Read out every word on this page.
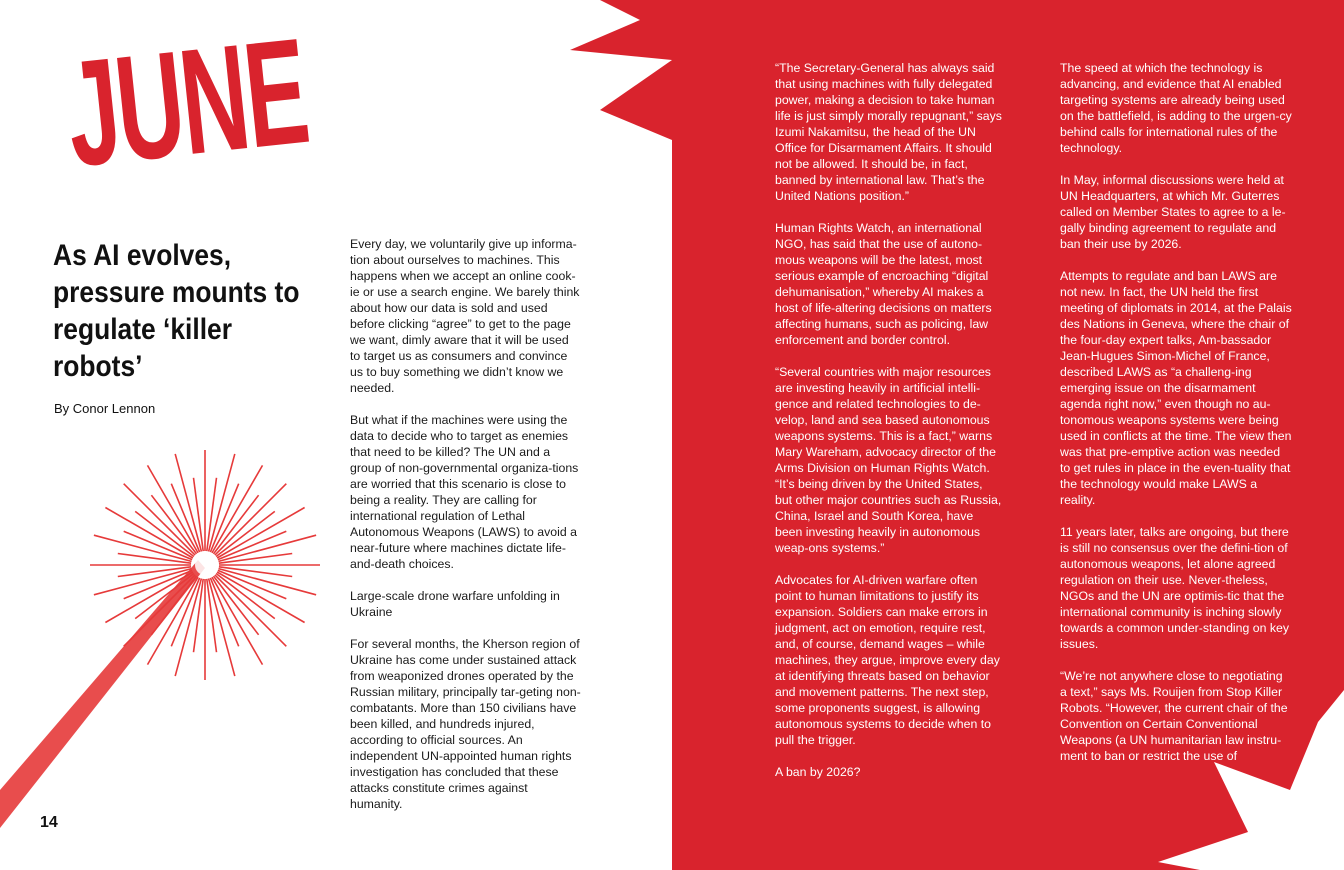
JUNE
As AI evolves, pressure mounts to regulate ‘killer robots’
By Conor Lennon

Every day, we voluntarily give up informa-tion about ourselves to machines. This happens when we accept an online cook-ie or use a search engine. We barely think about how our data is sold and used before clicking “agree” to get to the page we want, dimly aware that it will be used to target us as consumers and convince us to buy something we didn’t know we needed.

But what if the machines were using the data to decide who to target as enemies that need to be killed? The UN and a group of non-governmental organiza-tions are worried that this scenario is close to being a reality. They are calling for international regulation of Lethal Autonomous Weapons (LAWS) to avoid a near-future where machines dictate life-and-death choices.

Large-scale drone warfare unfolding in Ukraine

For several months, the Kherson region of Ukraine has come under sustained attack from weaponized drones operated by the Russian military, principally tar-geting non-combatants. More than 150 civilians have been killed, and hundreds injured, according to official sources. An independent UN-appointed human rights investigation has concluded that these attacks constitute crimes against humanity.

“The Secretary-General has always said that using machines with fully delegated power, making a decision to take human life is just simply morally repugnant,” says Izumi Nakamitsu, the head of the UN Office for Disarmament Affairs. It should not be allowed. It should be, in fact, banned by international law. That’s the United Nations position.”

Human Rights Watch, an international NGO, has said that the use of autono-mous weapons will be the latest, most serious example of encroaching “digital dehumanisation,” whereby AI makes a host of life-altering decisions on matters affecting humans, such as policing, law enforcement and border control.

“Several countries with major resources are investing heavily in artificial intelli-gence and related technologies to de-velop, land and sea based autonomous weapons systems. This is a fact,” warns Mary Wareham, advocacy director of the Arms Division on Human Rights Watch. “It’s being driven by the United States, but other major countries such as Russia, China, Israel and South Korea, have been investing heavily in autonomous weap-ons systems.”

Advocates for AI-driven warfare often point to human limitations to justify its expansion. Soldiers can make errors in judgment, act on emotion, require rest, and, of course, demand wages – while machines, they argue, improve every day at identifying threats based on behavior and movement patterns. The next step, some proponents suggest, is allowing autonomous systems to decide when to pull the trigger.

A ban by 2026?

The speed at which the technology is advancing, and evidence that AI enabled targeting systems are already being used on the battlefield, is adding to the urgen-cy behind calls for international rules of the technology.

In May, informal discussions were held at UN Headquarters, at which Mr. Guterres called on Member States to agree to a le-gally binding agreement to regulate and ban their use by 2026.

Attempts to regulate and ban LAWS are not new. In fact, the UN held the first meeting of diplomats in 2014, at the Palais des Nations in Geneva, where the chair of the four-day expert talks, Am-bassador Jean-Hugues Simon-Michel of France, described LAWS as “a challeng-ing emerging issue on the disarmament agenda right now,” even though no au-tonomous weapons systems were being used in conflicts at the time. The view then was that pre-emptive action was needed to get rules in place in the even-tuality that the technology would make LAWS a reality.

11 years later, talks are ongoing, but there is still no consensus over the defini-tion of autonomous weapons, let alone agreed regulation on their use. Never-theless, NGOs and the UN are optimis-tic that the international community is inching slowly towards a common under-standing on key issues.

“We’re not anywhere close to negotiating a text,” says Ms. Rouijen from Stop Killer Robots. “However, the current chair of the Convention on Certain Conventional Weapons (a UN humanitarian law instru-ment to ban or restrict the use of

14
